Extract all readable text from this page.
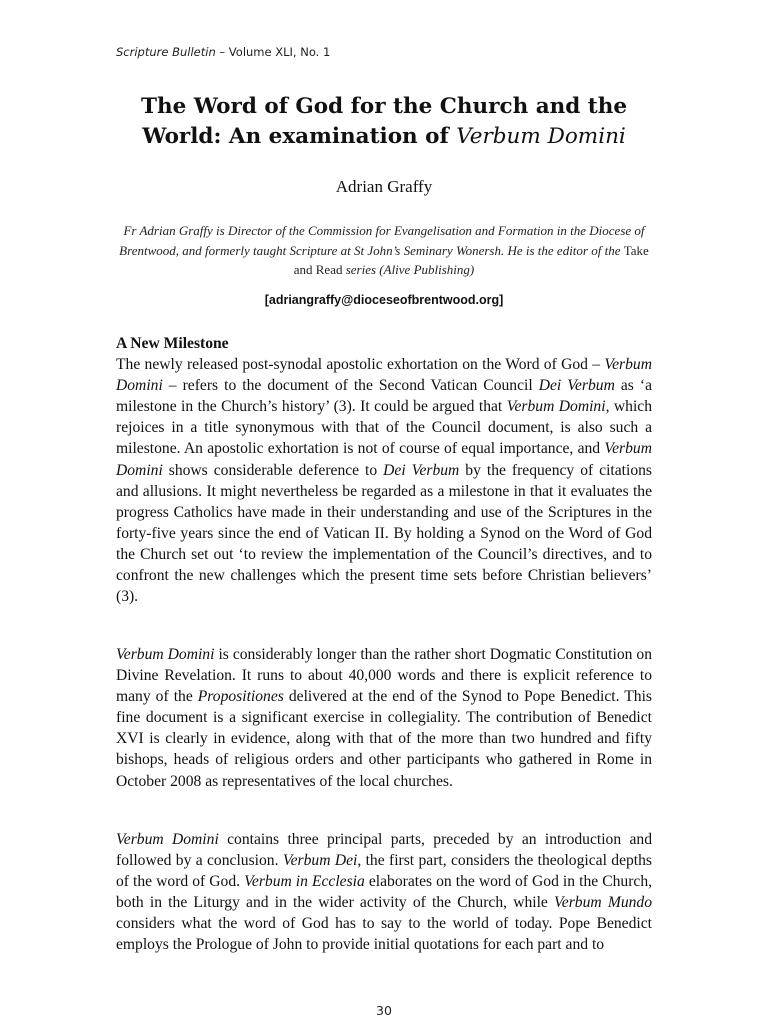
Scripture Bulletin – Volume XLI, No. 1
The Word of God for the Church and the
World: An examination of Verbum Domini
Adrian Graffy
Fr Adrian Graffy is Director of the Commission for Evangelisation and Formation in the Diocese of Brentwood, and formerly taught Scripture at St John’s Seminary Wonersh. He is the editor of the Take and Read series (Alive Publishing)
[adriangraffy@dioceseofbrentwood.org]
A New Milestone
The newly released post-synodal apostolic exhortation on the Word of God – Verbum Domini – refers to the document of the Second Vatican Council Dei Verbum as ‘a milestone in the Church’s history’ (3). It could be argued that Verbum Domini, which rejoices in a title synonymous with that of the Council document, is also such a milestone. An apostolic exhortation is not of course of equal importance, and Verbum Domini shows considerable deference to Dei Verbum by the frequency of citations and allusions. It might nevertheless be regarded as a milestone in that it evaluates the progress Catholics have made in their understanding and use of the Scriptures in the forty-five years since the end of Vatican II. By holding a Synod on the Word of God the Church set out ‘to review the implementation of the Council’s directives, and to confront the new challenges which the present time sets before Christian believers’ (3).
Verbum Domini is considerably longer than the rather short Dogmatic Constitution on Divine Revelation. It runs to about 40,000 words and there is explicit reference to many of the Propositiones delivered at the end of the Synod to Pope Benedict. This fine document is a significant exercise in collegiality. The contribution of Benedict XVI is clearly in evidence, along with that of the more than two hundred and fifty bishops, heads of religious orders and other participants who gathered in Rome in October 2008 as representatives of the local churches.
Verbum Domini contains three principal parts, preceded by an introduction and followed by a conclusion. Verbum Dei, the first part, considers the theological depths of the word of God. Verbum in Ecclesia elaborates on the word of God in the Church, both in the Liturgy and in the wider activity of the Church, while Verbum Mundo considers what the word of God has to say to the world of today. Pope Benedict employs the Prologue of John to provide initial quotations for each part and to
30
